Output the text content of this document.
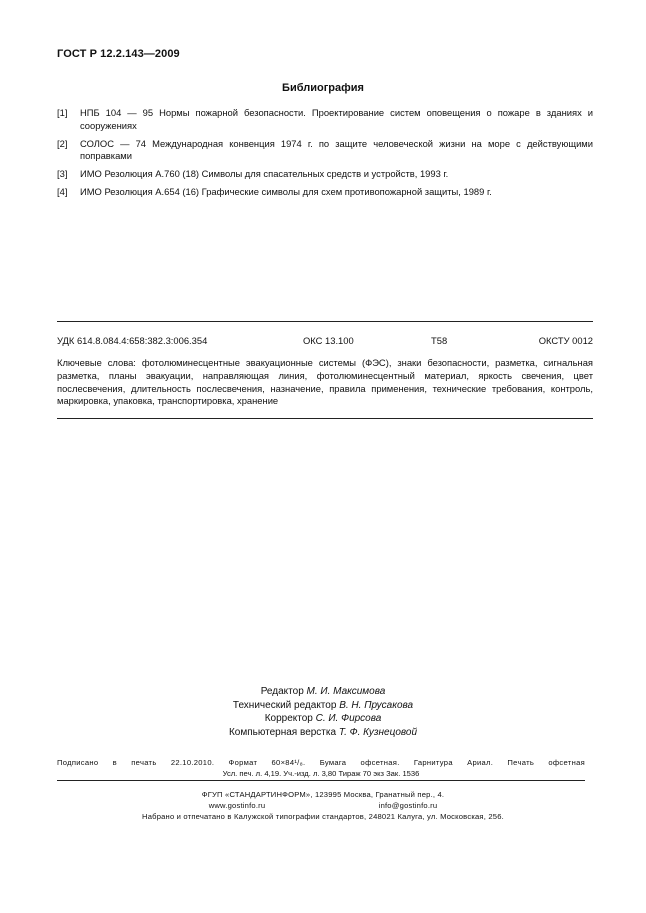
ГОСТ Р 12.2.143—2009
Библиография
[1]	НПБ 104 — 95 Нормы пожарной безопасности. Проектирование систем оповещения о пожаре в зданиях и сооружениях
[2]	СОЛОС — 74 Международная конвенция 1974 г. по защите человеческой жизни на море с действующими поправками
[3]	ИМО Резолюция А.760 (18) Символы для спасательных средств и устройств, 1993 г.
[4]	ИМО Резолюция А.654 (16) Графические символы для схем противопожарной защиты, 1989 г.
УДК 614.8.084.4:658:382.3:006.354	ОКС 13.100	Т58	ОКСТУ 0012
Ключевые слова: фотолюминесцентные эвакуационные системы (ФЭС), знаки безопасности, разметка, сигнальная разметка, планы эвакуации, направляющая линия, фотолюминесцентный материал, яркость свечения, цвет послесвечения, длительность послесвечения, назначение, правила применения, технические требования, контроль, маркировка, упаковка, транспортировка, хранение
Редактор М. И. Максимова
Технический редактор В. Н. Прусакова
Корректор С. И. Фирсова
Компьютерная верстка Т. Ф. Кузнецовой
Подписано в печать 22.10.2010. Формат 60×84¹/₈. Бумага офсетная. Гарнитура Ариал. Печать офсетная
Усл. печ. л. 4,19. Уч.-изд. л. 3,80 Тираж 70 экз Зак. 1536
ФГУП «СТАНДАРТИНФОРМ», 123995 Москва, Гранатный пер., 4.
www.gostinfo.ru	info@gostinfo.ru
Набрано и отпечатано в Калужской типографии стандартов, 248021 Калуга, ул. Московская, 256.
